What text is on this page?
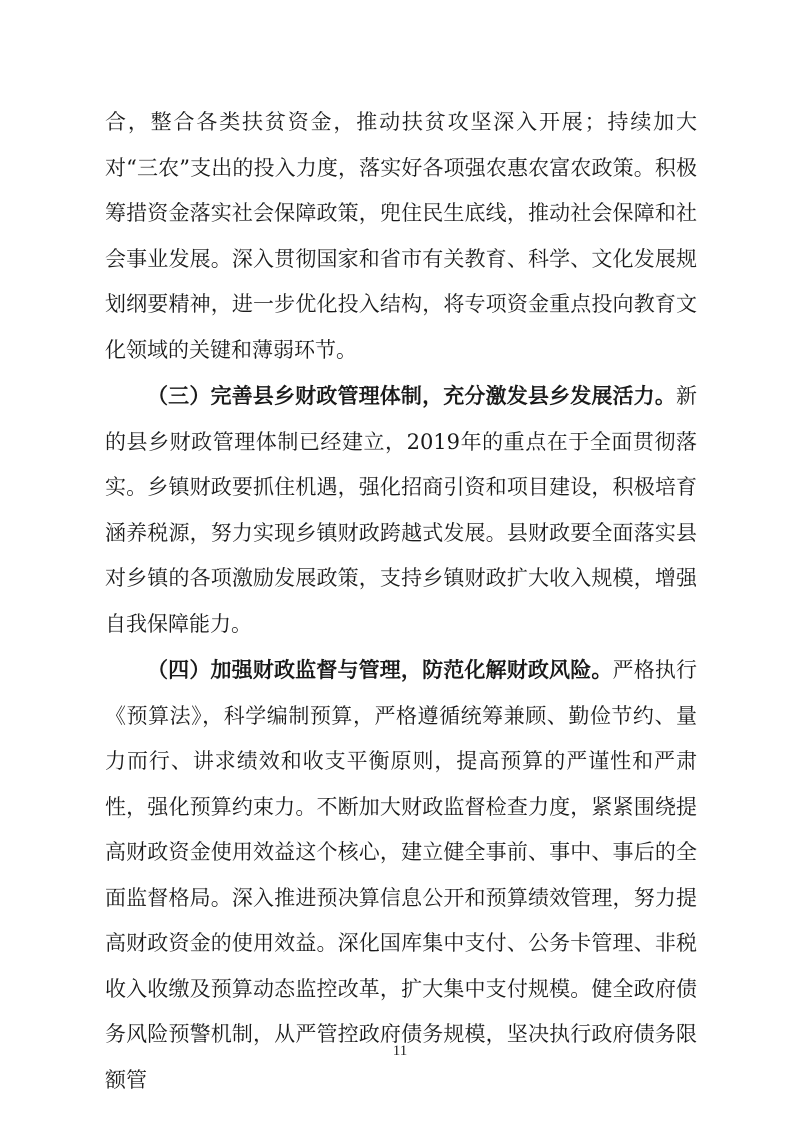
合，整合各类扶贫资金，推动扶贫攻坚深入开展；持续加大对“三农”支出的投入力度，落实好各项强农惠农富农政策。积极筹措资金落实社会保障政策，兜住民生底线，推动社会保障和社会事业发展。深入贯彻国家和省市有关教育、科学、文化发展规划纲要精神，进一步优化投入结构，将专项资金重点投向教育文化领域的关键和薄弱环节。

（三）完善县乡财政管理体制，充分激发县乡发展活力。新的县乡财政管理体制已经建立，2019年的重点在于全面贯彻落实。乡镇财政要抓住机遇，强化招商引资和项目建设，积极培育涵养税源，努力实现乡镇财政跨越式发展。县财政要全面落实县对乡镇的各项激励发展政策，支持乡镇财政扩大收入规模，增强自我保障能力。

（四）加强财政监督与管理，防范化解财政风险。严格执行《预算法》，科学编制预算，严格遵循统筹兼顾、勤俭节约、量力而行、讲求绩效和收支平衡原则，提高预算的严谨性和严肃性，强化预算约束力。不断加大财政监督检查力度，紧紧围绕提高财政资金使用效益这个核心，建立健全事前、事中、事后的全面监督格局。深入推进预决算信息公开和预算绩效管理，努力提高财政资金的使用效益。深化国库集中支付、公务卡管理、非税收入收缴及预算动态监控改革，扩大集中支付规模。健全政府债务风险预警机制，从严管控政府债务规模，坚决执行政府债务限额管

11
